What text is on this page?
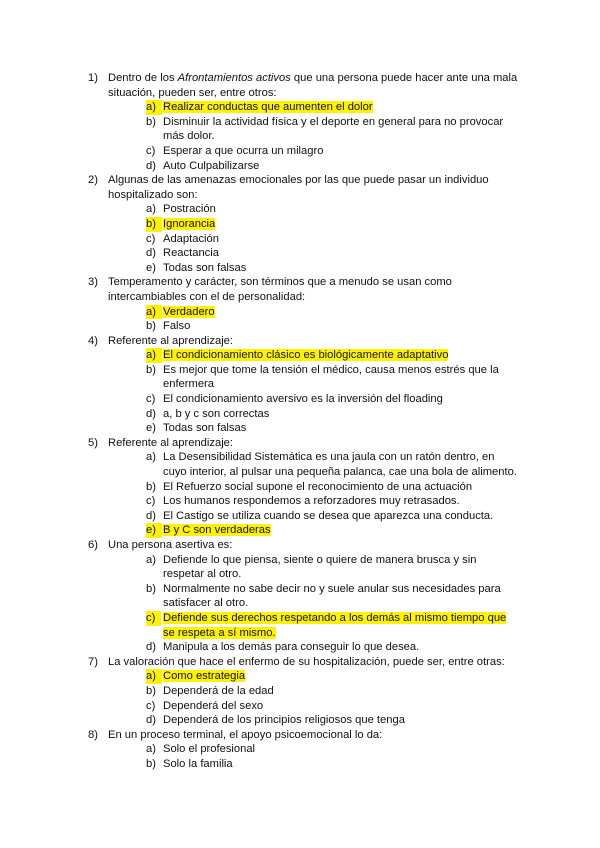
1) Dentro de los Afrontamientos activos que una persona puede hacer ante una mala situación, pueden ser, entre otros:
a) Realizar conductas que aumenten el dolor
b) Disminuir la actividad física y el deporte en general para no provocar más dolor.
c) Esperar a que ocurra un milagro
d) Auto Culpabilizarse
2) Algunas de las amenazas emocionales por las que puede pasar un individuo hospitalizado son:
a) Postración
b) Ignorancia
c) Adaptación
d) Reactancia
e) Todas son falsas
3) Temperamento y carácter, son términos que a menudo se usan como intercambiables con el de personalidad:
a) Verdadero
b) Falso
4) Referente al aprendizaje:
a) El condicionamiento clásico es biológicamente adaptativo
b) Es mejor que tome la tensión el médico, causa menos estrés que la enfermera
c) El condicionamiento aversivo es la inversión del floading
d) a, b y c son correctas
e) Todas son falsas
5) Referente al aprendizaje:
a) La Desensibilidad Sistemática es una jaula con un ratón dentro, en cuyo interior, al pulsar una pequeña palanca, cae una bola de alimento.
b) El Refuerzo social supone el reconocimiento de una actuación
c) Los humanos respondemos a reforzadores muy retrasados.
d) El Castigo se utiliza cuando se desea que aparezca una conducta.
e) B y C son verdaderas
6) Una persona asertiva es:
a) Defiende lo que piensa, siente o quiere de manera brusca y sin respetar al otro.
b) Normalmente no sabe decir no y suele anular sus necesidades para satisfacer al otro.
c) Defiende sus derechos respetando a los demás al mismo tiempo que se respeta a sí mismo.
d) Manipula a los demás para conseguir lo que desea.
7) La valoración que hace el enfermo de su hospitalización, puede ser, entre otras:
a) Como estrategia
b) Dependerá de la edad
c) Dependerá del sexo
d) Dependerá de los principios religiosos que tenga
8) En un proceso terminal, el apoyo psicoemocional lo da:
a) Solo el profesional
b) Solo la familia
